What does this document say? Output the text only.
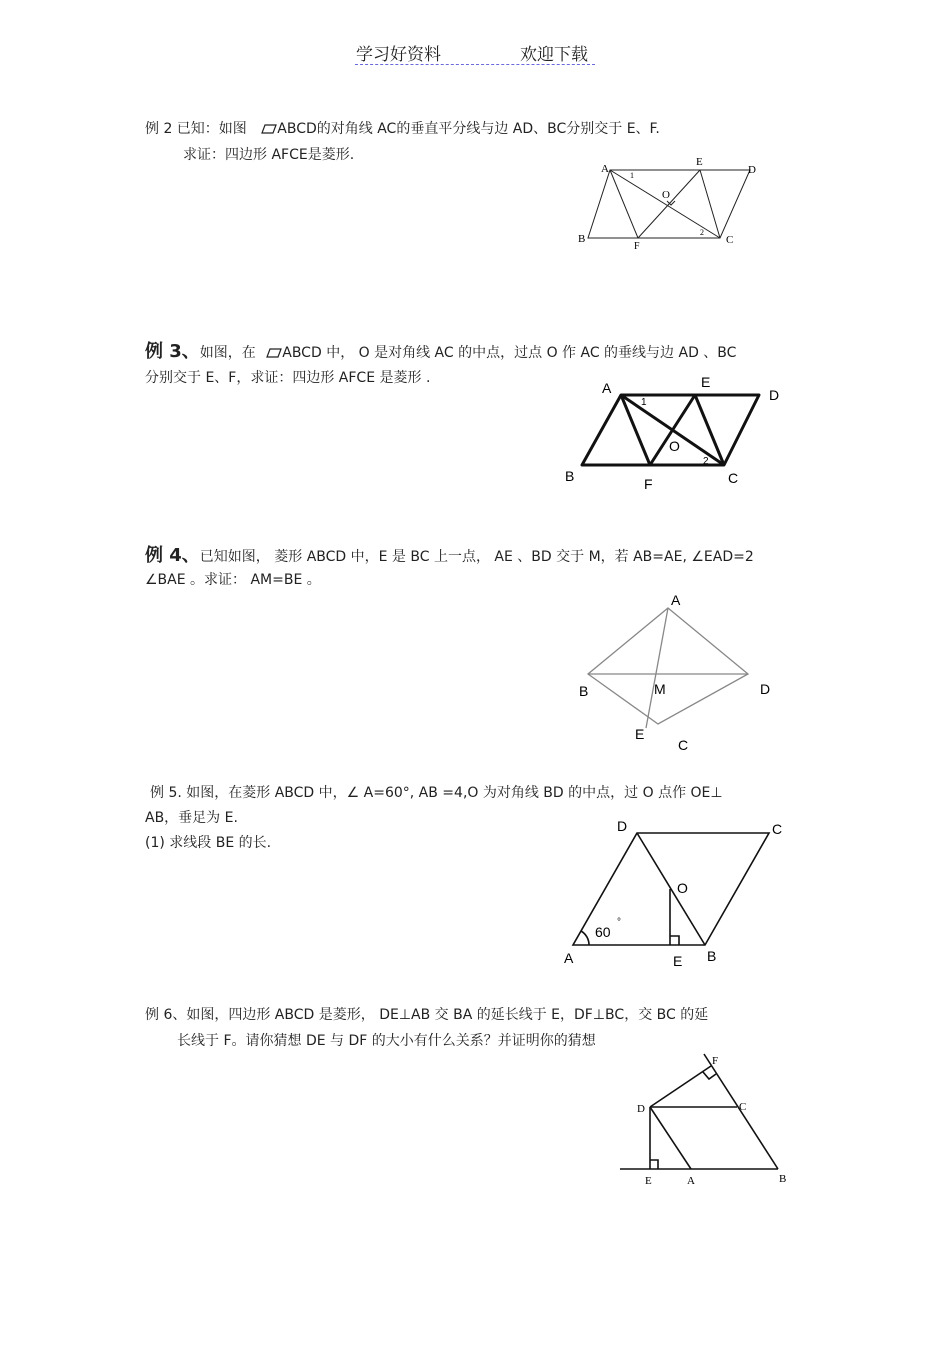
学习好资料	欢迎下载
例 2 已知：如图 ABCD的对角线 AC的垂直平分线与边 AD、BC分别交于 E、F.
求证：四边形 AFCE是菱形.
A
E
D
B
F
C
O
1
2
例 3、如图，在 ABCD 中， O 是对角线 AC 的中点，过点 O 作 AC 的垂线与边 AD 、BC
分别交于 E、F，求证：四边形 AFCE 是菱形 .
A	E
D
B	F	C
O
1
2
例 4、已知如图， 菱形 ABCD 中，E 是 BC 上一点， AE 、BD 交于 M，若 AB=AE, ∠EAD=2
∠BAE 。求证： AM=BE 。
A
B	M	D
E
C
例 5. 如图，在菱形 ABCD 中，∠ A=60°, AB =4,O 为对角线 BD 的中点，过 O 点作 OE⊥
AB，垂足为 E.
(1) 求线段 BE 的长.
D	C
O
A	E B
60
°
例 6、如图，四边形 ABCD 是菱形， DE⊥AB 交 BA 的延长线于 E，DF⊥BC，交 BC 的延
长线于 F。请你猜想 DE 与 DF 的大小有什么关系？并证明你的猜想
F
D	C
E	A	B
